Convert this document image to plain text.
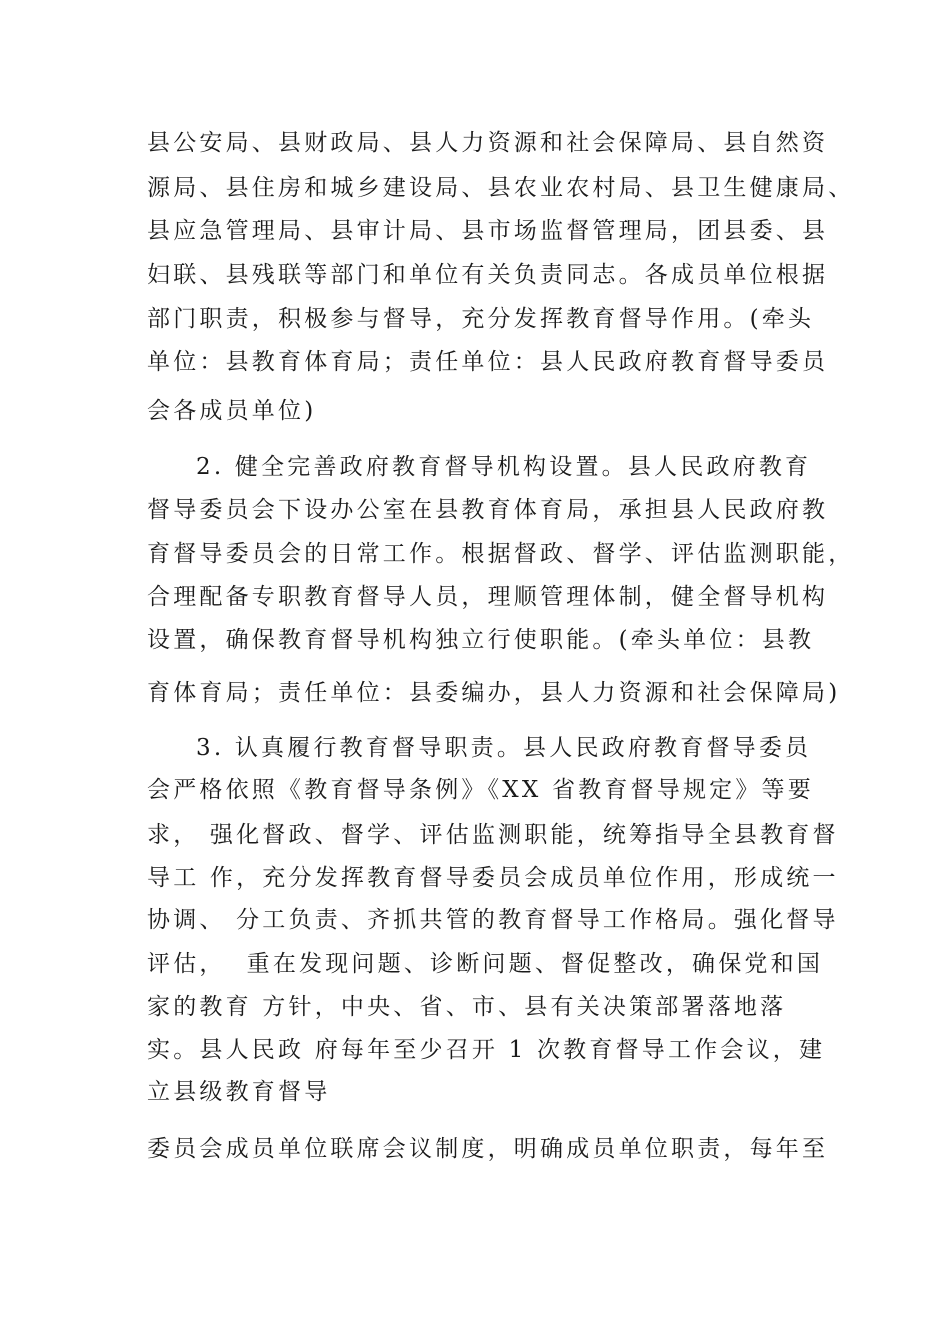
县公安局、县财政局、县人力资源和社会保障局、县自然资
源局、县住房和城乡建设局、县农业农村局、县卫生健康局、
县应急管理局、县审计局、县市场监督管理局，团县委、县
妇联、县残联等部门和单位有关负责同志。各成员单位根据
部门职责，积极参与督导，充分发挥教育督导作用。(牵头
单位：县教育体育局；责任单位：县人民政府教育督导委员
会各成员单位)
2. 健全完善政府教育督导机构设置。县人民政府教育
督导委员会下设办公室在县教育体育局，承担县人民政府教
育督导委员会的日常工作。根据督政、督学、评估监测职能，
合理配备专职教育督导人员，理顺管理体制，健全督导机构
设置，确保教育督导机构独立行使职能。(牵头单位：县教
育体育局；责任单位：县委编办，县人力资源和社会保障局)
3. 认真履行教育督导职责。县人民政府教育督导委员
会严格依照《教育督导条例》《XX 省教育督导规定》等要
求， 强化督政、督学、评估监测职能，统筹指导全县教育督
导工 作，充分发挥教育督导委员会成员单位作用，形成统一
协调、 分工负责、齐抓共管的教育督导工作格局。强化督导
评估，  重在发现问题、诊断问题、督促整改，确保党和国
家的教育 方针，中央、省、市、县有关决策部署落地落
实。县人民政 府每年至少召开 1 次教育督导工作会议，建
立县级教育督导
委员会成员单位联席会议制度，明确成员单位职责，每年至
